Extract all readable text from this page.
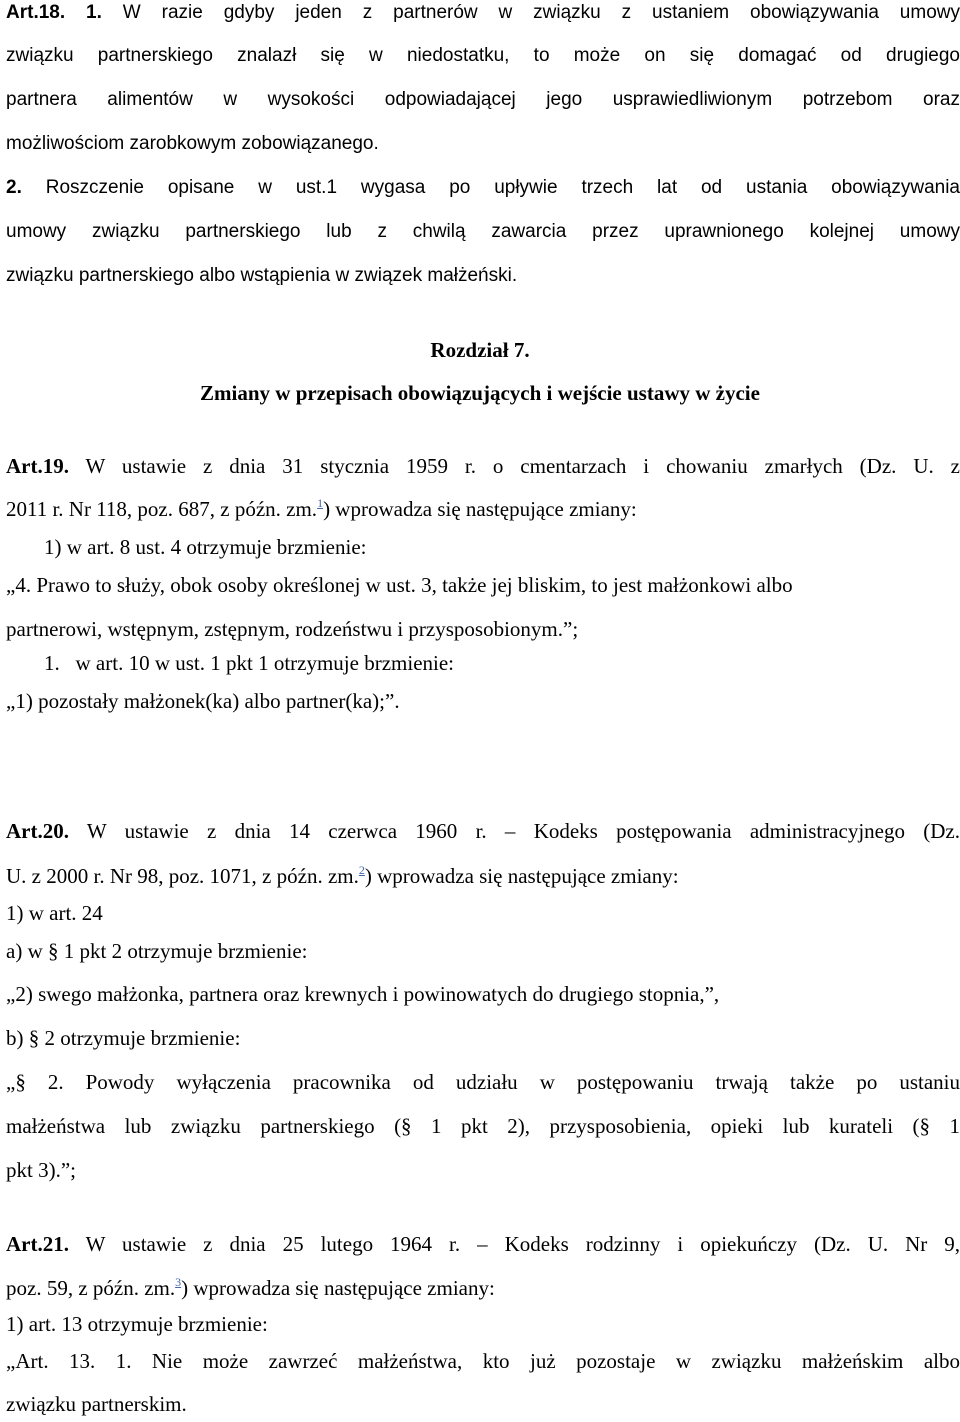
Art.18. 1. W razie gdyby jeden z partnerów w związku z ustaniem obowiązywania umowy
związku partnerskiego znalazł się w niedostatku, to może on się domagać od drugiego
partnera alimentów w wysokości odpowiadającej jego usprawiedliwionym potrzebom oraz
możliwościom zarobkowym zobowiązanego.
2. Roszczenie opisane w ust.1 wygasa po upływie trzech lat od ustania obowiązywania
umowy związku partnerskiego lub z chwilą zawarcia przez uprawnionego kolejnej umowy
związku partnerskiego albo wstąpienia w związek małżeński.
Rozdział 7.
Zmiany w przepisach obowiązujących i wejście ustawy w życie
Art.19. W ustawie z dnia 31 stycznia 1959 r. o cmentarzach i chowaniu zmarłych (Dz. U. z
2011 r. Nr 118, poz. 687, z późn. zm.$^1$) wprowadza się następujące zmiany:
1) w art. 8 ust. 4 otrzymuje brzmienie:
„4. Prawo to służy, obok osoby określonej w ust. 3, także jej bliskim, to jest małżonkowi albo
partnerowi, wstępnym, zstępnym, rodzeństwu i przysposobionym.”;
1.   w art. 10 w ust. 1 pkt 1 otrzymuje brzmienie:
„1) pozostały małżonek(ka) albo partner(ka);”.
Art.20. W ustawie z dnia 14 czerwca 1960 r. – Kodeks postępowania administracyjnego (Dz.
U. z 2000 r. Nr 98, poz. 1071, z późn. zm.$^2$) wprowadza się następujące zmiany:
1) w art. 24
a) w § 1 pkt 2 otrzymuje brzmienie:
„2) swego małżonka, partnera oraz krewnych i powinowatych do drugiego stopnia,”,
b) § 2 otrzymuje brzmienie:
„§ 2. Powody wyłączenia pracownika od udziału w postępowaniu trwają także po ustaniu
małżeństwa lub związku partnerskiego (§ 1 pkt 2), przysposobienia, opieki lub kurateli (§ 1
pkt 3).”;
Art.21. W ustawie z dnia 25 lutego 1964 r. – Kodeks rodzinny i opiekuńczy (Dz. U. Nr 9,
poz. 59, z późn. zm.$^3$) wprowadza się następujące zmiany:
1) art. 13 otrzymuje brzmienie:
„Art. 13. 1. Nie może zawrzeć małżeństwa, kto już pozostaje w związku małżeńskim albo
związku partnerskim.
